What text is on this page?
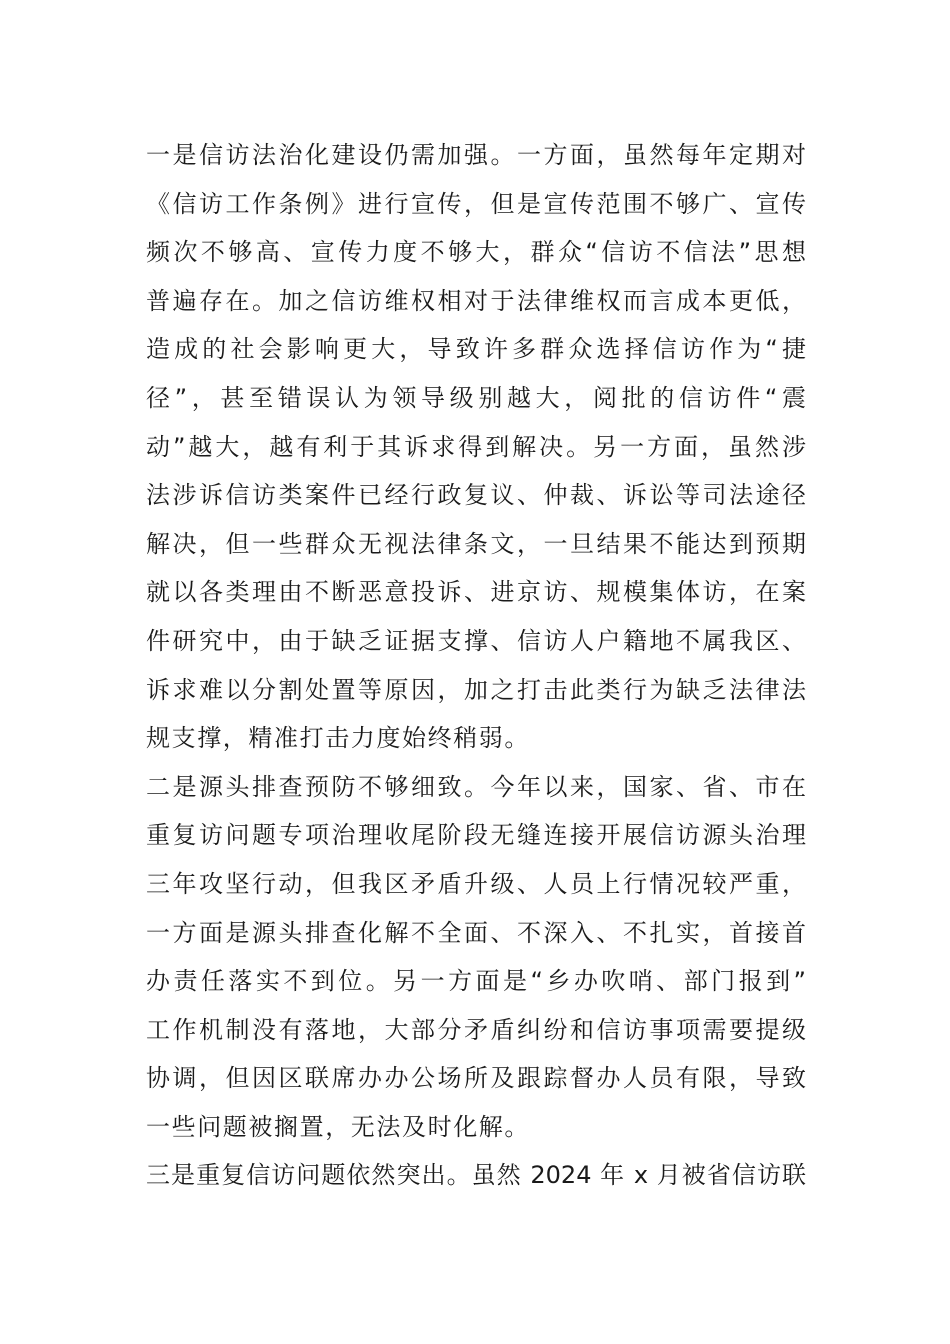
一是信访法治化建设仍需加强。一方面，虽然每年定期对
《信访工作条例》进行宣传，但是宣传范围不够广、宣传
频次不够高、宣传力度不够大，群众“信访不信法”思想
普遍存在。加之信访维权相对于法律维权而言成本更低，
造成的社会影响更大，导致许多群众选择信访作为“捷
径”，甚至错误认为领导级别越大，阅批的信访件“震
动”越大，越有利于其诉求得到解决。另一方面，虽然涉
法涉诉信访类案件已经行政复议、仲裁、诉讼等司法途径
解决，但一些群众无视法律条文，一旦结果不能达到预期
就以各类理由不断恶意投诉、进京访、规模集体访，在案
件研究中，由于缺乏证据支撑、信访人户籍地不属我区、
诉求难以分割处置等原因，加之打击此类行为缺乏法律法
规支撑，精准打击力度始终稍弱。
二是源头排查预防不够细致。今年以来，国家、省、市在
重复访问题专项治理收尾阶段无缝连接开展信访源头治理
三年攻坚行动，但我区矛盾升级、人员上行情况较严重，
一方面是源头排查化解不全面、不深入、不扎实，首接首
办责任落实不到位。另一方面是“乡办吹哨、部门报到”
工作机制没有落地，大部分矛盾纠纷和信访事项需要提级
协调，但因区联席办办公场所及跟踪督办人员有限，导致
一些问题被搁置，无法及时化解。
三是重复信访问题依然突出。虽然 2024 年 x 月被省信访联
